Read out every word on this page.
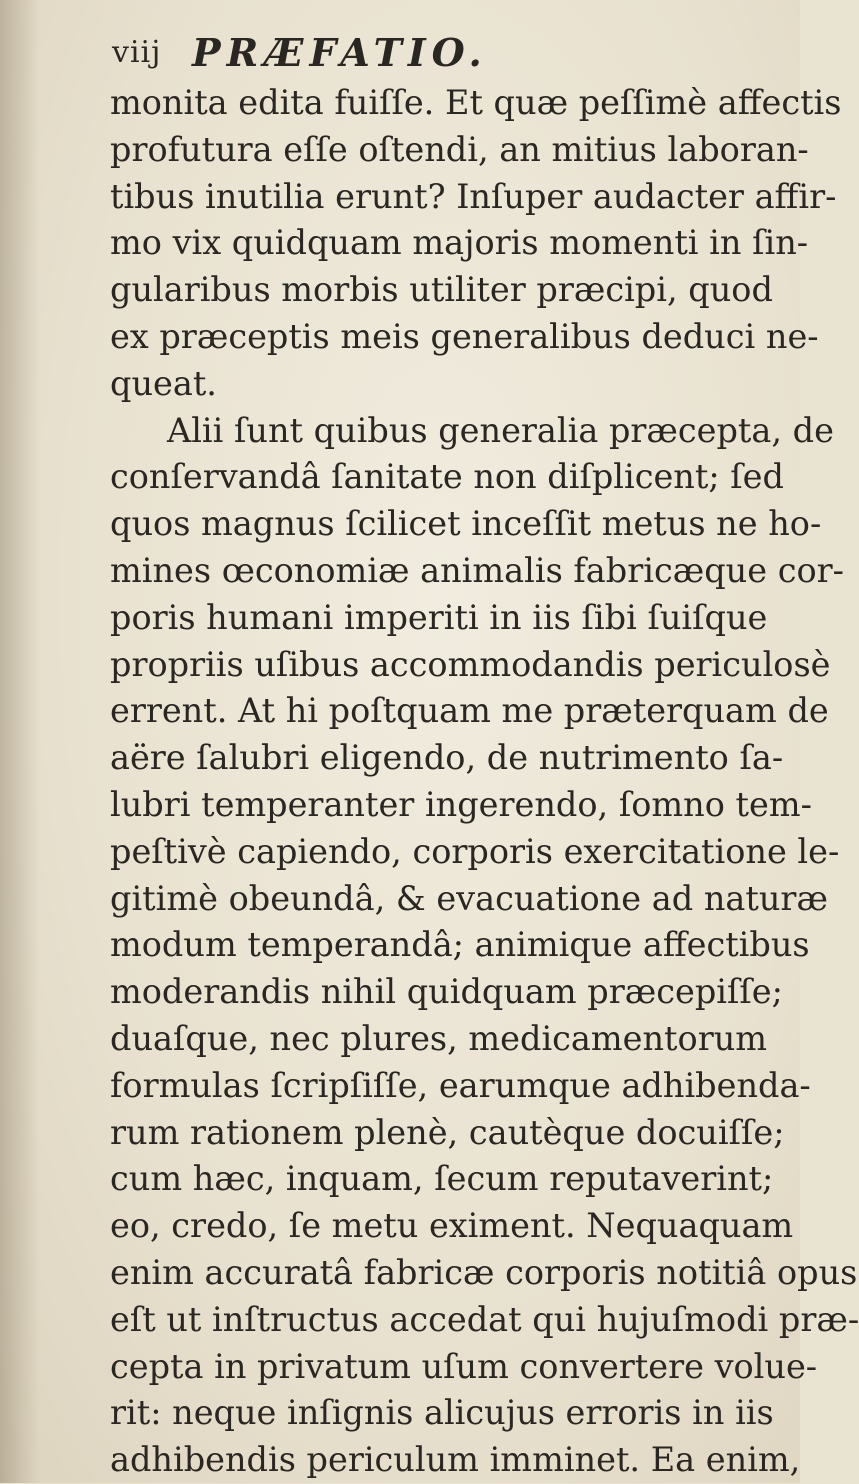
viij PRÆFATIO.
monita edita fuiſſe. Et quæ peſſimè affectis
profutura eſſe oſtendi, an mitius laboran-
tibus inutilia erunt? Inſuper audacter affir-
mo vix quidquam majoris momenti in ſin-
gularibus morbis utiliter præcipi, quod
ex præceptis meis generalibus deduci ne-
queat.
Alii ſunt quibus generalia præcepta, de
conſervandâ ſanitate non diſplicent; ſed
quos magnus ſcilicet inceſſit metus ne ho-
mines œconomiæ animalis fabricæque cor-
poris humani imperiti in iis ſibi ſuiſque
propriis uſibus accommodandis periculosè
errent. At hi poſtquam me præterquam de
aëre ſalubri eligendo, de nutrimento ſa-
lubri temperanter ingerendo, ſomno tem-
peſtivè capiendo, corporis exercitatione le-
gitimè obeundâ, & evacuatione ad naturæ
modum temperandâ; animique affectibus
moderandis nihil quidquam præcepiſſe;
duaſque, nec plures, medicamentorum
formulas ſcripſiſſe, earumque adhibenda-
rum rationem plenè, cautèque docuiſſe;
cum hæc, inquam, ſecum reputaverint;
eo, credo, ſe metu eximent. Nequaquam
enim accuratâ fabricæ corporis notitiâ opus
eſt ut inſtructus accedat qui hujuſmodi præ-
cepta in privatum uſum convertere volue-
rit: neque inſignis alicujus erroris in iis
adhibendis periculum imminet. Ea enim,
